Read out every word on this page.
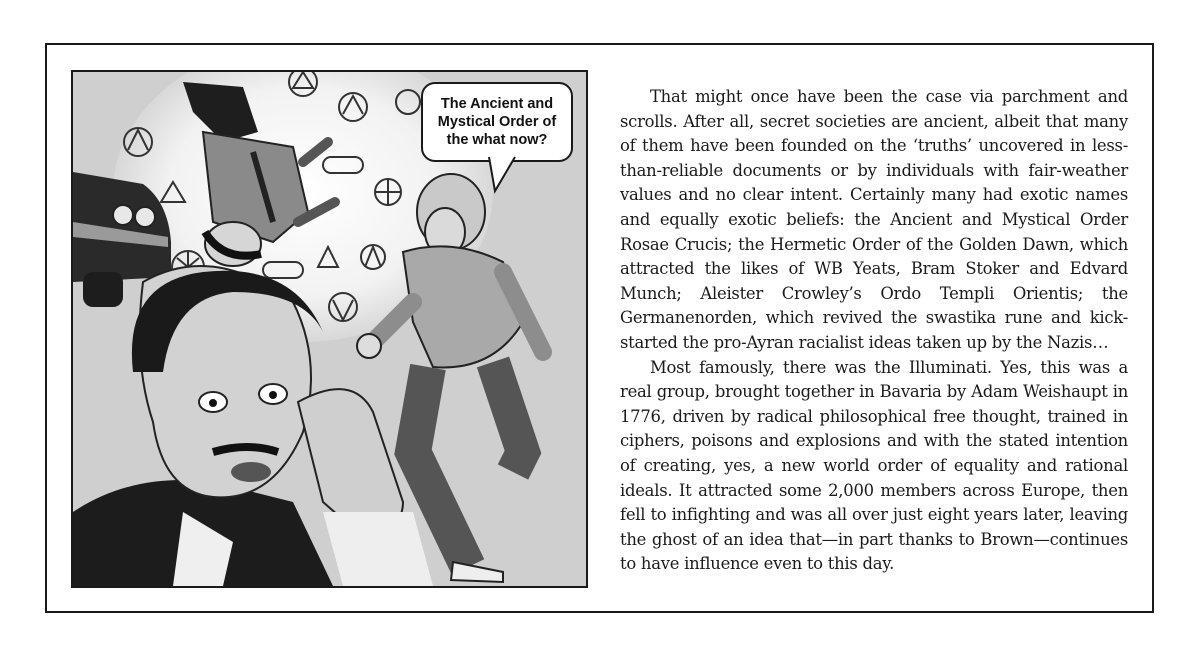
The Ancient and Mystical Order of the what now?

That might once have been the case via parchment and scrolls. After all, secret societies are ancient, albeit that many of them have been founded on the ‘truths’ uncovered in less-than-reliable documents or by individuals with fair-weather values and no clear intent. Certainly many had exotic names and equally exotic beliefs: the Ancient and Mystical Order Rosae Crucis; the Hermetic Order of the Golden Dawn, which attracted the likes of WB Yeats, Bram Stoker and Edvard Munch; Aleister Crowley’s Ordo Templi Orientis; the Germanenorden, which revived the swastika rune and kick-started the pro-Ayran racialist ideas taken up by the Nazis…

Most famously, there was the Illuminati. Yes, this was a real group, brought together in Bavaria by Adam Weishaupt in 1776, driven by radical philosophical free thought, trained in ciphers, poisons and explosions and with the stated intention of creating, yes, a new world order of equality and rational ideals. It attracted some 2,000 members across Europe, then fell to infighting and was all over just eight years later, leaving the ghost of an idea that—in part thanks to Brown—continues to have influence even to this day.
